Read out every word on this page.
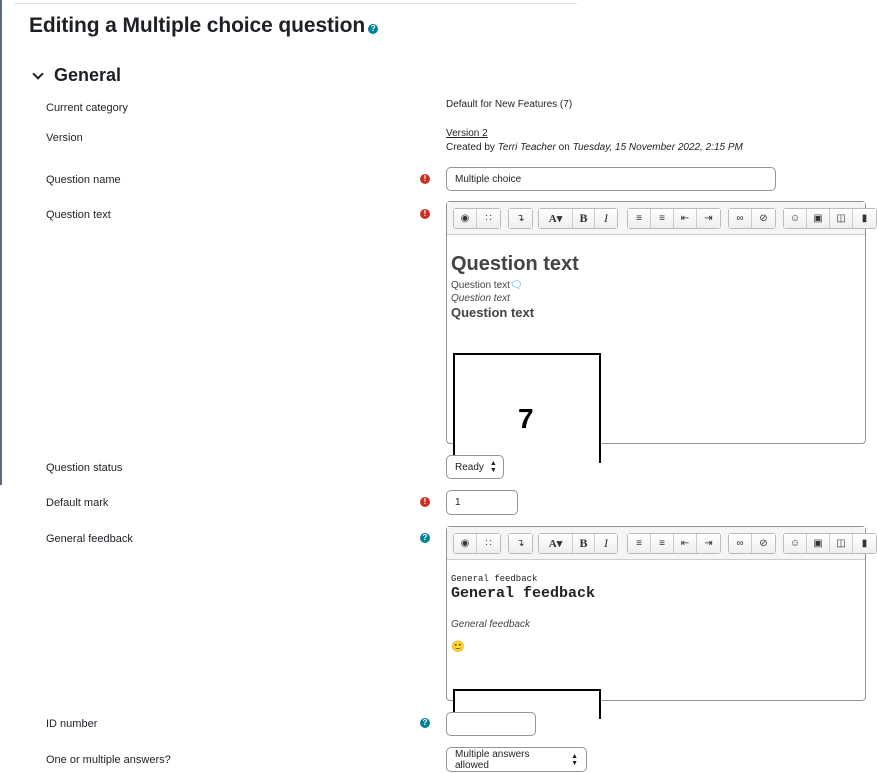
Editing a Multiple choice question ?
General
Current category	Default for New Features (7)
Version	Version 2
Created by Terri Teacher on Tuesday, 15 November 2022, 2:15 PM
Question name	!	Multiple choice
Question text	!	◉	∷	↴	A ▾	B	I	≡	≡	⇤	⇥	∞	⊘	☺	▣	◫	▮
Question text
Question text🗨
Question text
Question text
7
Question status	Ready ▲
▼
Default mark	!	1
General feedback	?
◉	∷	↴	A ▾	B	I	≡	≡	⇤	⇥	∞	⊘	☺	▣	◫	▮
General feedback
General feedback
General feedback
🙂
ID number	?
One or multiple answers?	Multiple answers allowed
▲
▼
